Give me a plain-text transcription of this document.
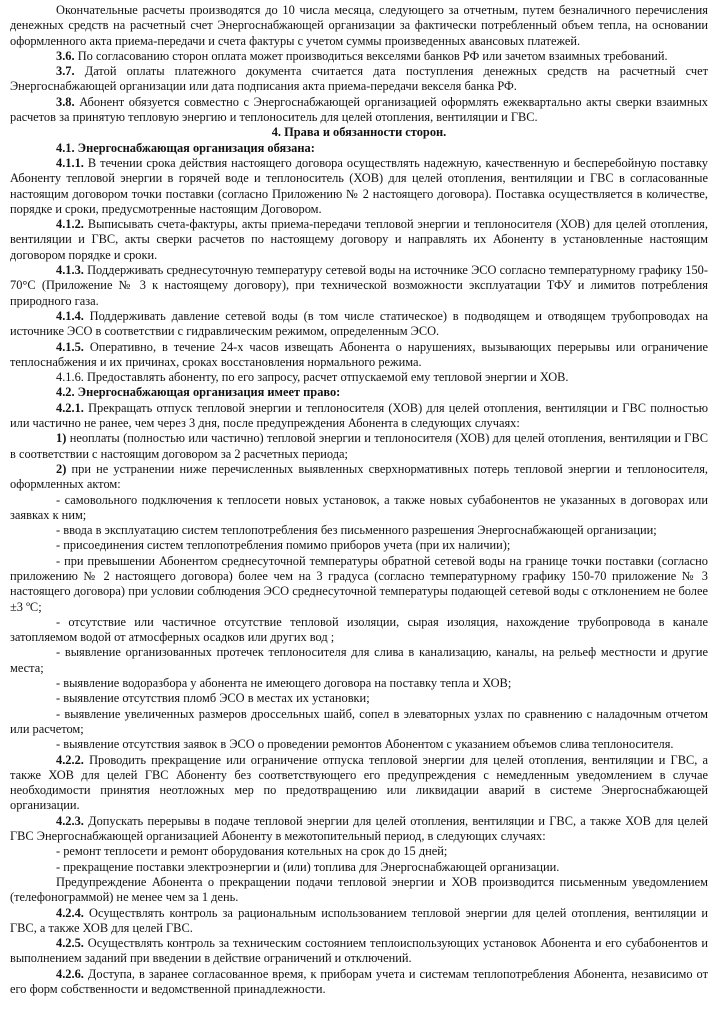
Окончательные расчеты производятся до 10 числа месяца, следующего за отчетным, путем безналичного перечисления денежных средств на расчетный счет Энергоснабжающей организации за фактически потребленный объем тепла, на основании оформленного акта приема-передачи и счета фактуры с учетом суммы произведенных авансовых платежей.

3.6. По согласованию сторон оплата может производиться векселями банков РФ или зачетом взаимных требований.

3.7. Датой оплаты платежного документа считается дата поступления денежных средств на расчетный счет Энергоснабжающей организации или дата подписания акта приема-передачи векселя банка РФ.

3.8. Абонент обязуется совместно с Энергоснабжающей организацией оформлять ежеквартально акты сверки взаимных расчетов за принятую тепловую энергию и теплоноситель для целей отопления, вентиляции и ГВС.

4. Права и обязанности сторон.

4.1. Энергоснабжающая организация обязана:

4.1.1. В течении срока действия настоящего договора осуществлять надежную, качественную и бесперебойную поставку Абоненту тепловой энергии в горячей воде и теплоноситель (ХОВ) для целей отопления, вентиляции и ГВС в согласованные настоящим договором точки поставки (согласно Приложению № 2 настоящего договора). Поставка осуществляется в количестве, порядке и сроки, предусмотренные настоящим Договором.

4.1.2. Выписывать счета-фактуры, акты приема-передачи тепловой энергии и теплоносителя (ХОВ) для целей отопления, вентиляции и ГВС, акты сверки расчетов по настоящему договору и направлять их Абоненту в установленные настоящим договором порядке и сроки.

4.1.3. Поддерживать среднесуточную температуру сетевой воды на источнике ЭСО согласно температурному графику 150-70°С (Приложение № 3 к настоящему договору), при технической возможности эксплуатации ТФУ и лимитов потребления природного газа.

4.1.4. Поддерживать давление сетевой воды (в том числе статическое) в подводящем и отводящем трубопроводах на источнике ЭСО в соответствии с гидравлическим режимом, определенным ЭСО.

4.1.5. Оперативно, в течение 24-х часов извещать Абонента о нарушениях, вызывающих перерывы или ограничение теплоснабжения и их причинах, сроках восстановления нормального режима.

4.1.6. Предоставлять абоненту, по его запросу, расчет отпускаемой ему тепловой энергии и ХОВ.

4.2. Энергоснабжающая организация имеет право:

4.2.1. Прекращать отпуск тепловой энергии и теплоносителя (ХОВ) для целей отопления, вентиляции и ГВС полностью или частично не ранее, чем через 3 дня, после предупреждения Абонента в следующих случаях:

1) неоплаты (полностью или частично) тепловой энергии и теплоносителя (ХОВ) для целей отопления, вентиляции и ГВС в соответствии с настоящим договором за 2 расчетных периода;

2) при не устранении ниже перечисленных выявленных сверхнормативных потерь тепловой энергии и теплоносителя, оформленных актом:

- самовольного подключения к теплосети новых установок, а также новых субабонентов не указанных в договорах или заявках к ним;

- ввода в эксплуатацию систем теплопотребления без письменного разрешения Энергоснабжающей организации;

- присоединения систем теплопотребления помимо приборов учета (при их наличии);

- при превышении Абонентом среднесуточной температуры обратной сетевой воды на границе точки поставки (согласно приложению № 2 настоящего договора) более чем на 3 градуса (согласно температурному графику 150-70 приложение № 3 настоящего договора) при условии соблюдения ЭСО среднесуточной температуры подающей сетевой воды с отклонением не более ±3 ºС;

- отсутствие или частичное отсутствие тепловой изоляции, сырая изоляция, нахождение трубопровода в канале затопляемом водой от атмосферных осадков или других вод ;

- выявление организованных протечек теплоносителя для слива в канализацию, каналы, на рельеф местности и другие места;

- выявление водоразбора у абонента не имеющего договора на поставку тепла и ХОВ;

- выявление отсутствия пломб ЭСО в местах их установки;

- выявление увеличенных размеров дроссельных шайб, сопел в элеваторных узлах по сравнению с наладочным отчетом или расчетом;

- выявление отсутствия заявок в ЭСО о проведении ремонтов Абонентом с указанием объемов слива теплоносителя.

4.2.2. Проводить прекращение или ограничение отпуска тепловой энергии для целей отопления, вентиляции и ГВС, а также ХОВ для целей ГВС Абоненту без соответствующего его предупреждения с немедленным уведомлением в случае необходимости принятия неотложных мер по предотвращению или ликвидации аварий в системе Энергоснабжающей организации.

4.2.3. Допускать перерывы в подаче тепловой энергии для целей отопления, вентиляции и ГВС, а также ХОВ для целей ГВС Энергоснабжающей организацией Абоненту в межотопительный период, в следующих случаях:

- ремонт теплосети и ремонт оборудования котельных на срок до 15 дней;

- прекращение поставки электроэнергии и (или) топлива для Энергоснабжающей организации.

Предупреждение Абонента о прекращении подачи тепловой энергии и ХОВ производится письменным уведомлением (телефонограммой) не менее чем за 1 день.

4.2.4. Осуществлять контроль за рациональным использованием тепловой энергии для целей отопления, вентиляции и ГВС, а также ХОВ для целей ГВС.

4.2.5. Осуществлять контроль за техническим состоянием теплоиспользующих установок Абонента и его субабонентов и выполнением заданий при введении в действие ограничений и отключений.

4.2.6. Доступа, в заранее согласованное время, к приборам учета и системам теплопотребления Абонента, независимо от его форм собственности и ведомственной принадлежности.
